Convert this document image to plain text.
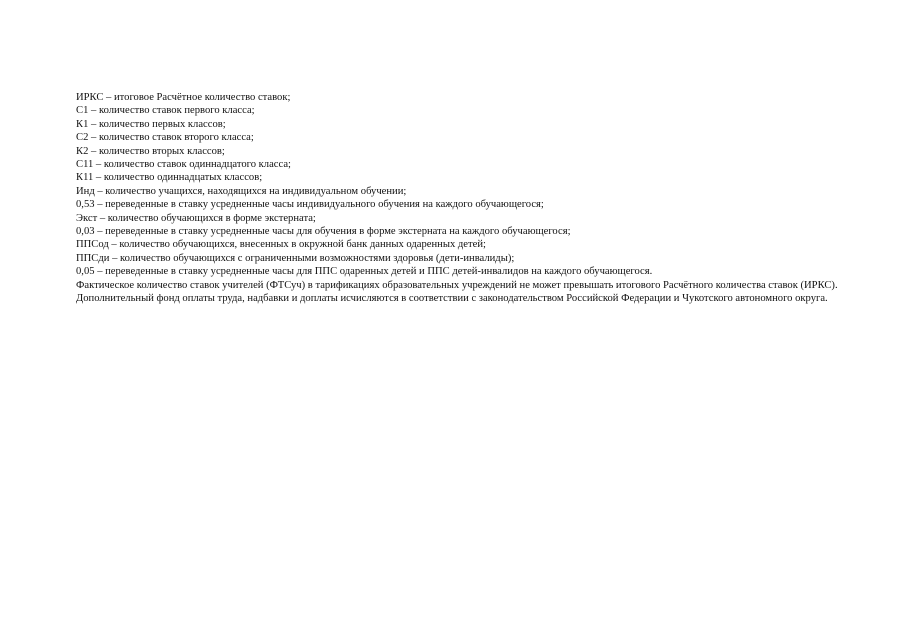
ИРКС – итоговое Расчётное количество ставок;

С1 – количество ставок первого класса;

К1 – количество первых классов;

С2 – количество ставок второго класса;

К2 – количество вторых классов;

С11 – количество ставок одиннадцатого класса;

К11 – количество одиннадцатых классов;

Инд – количество учащихся, находящихся на индивидуальном обучении;

0,53 – переведенные в ставку усредненные часы индивидуального обучения на каждого обучающегося;

Экст – количество обучающихся в форме экстерната;

0,03 – переведенные в ставку усредненные часы для обучения в форме экстерната на каждого обучающегося;

ППСод – количество обучающихся, внесенных в окружной банк данных одаренных детей;

ППСди – количество обучающихся с ограниченными возможностями здоровья (дети-инвалиды);

0,05 – переведенные в ставку усредненные часы для ППС одаренных детей и ППС детей-инвалидов на каждого обучающегося.

Фактическое количество ставок учителей (ФТСуч) в тарификациях образовательных учреждений не может превышать итогового Расчётного количества ставок (ИРКС).

Дополнительный фонд оплаты труда, надбавки и доплаты исчисляются в соответствии с законодательством Российской Федерации и Чукотского автономного округа.
